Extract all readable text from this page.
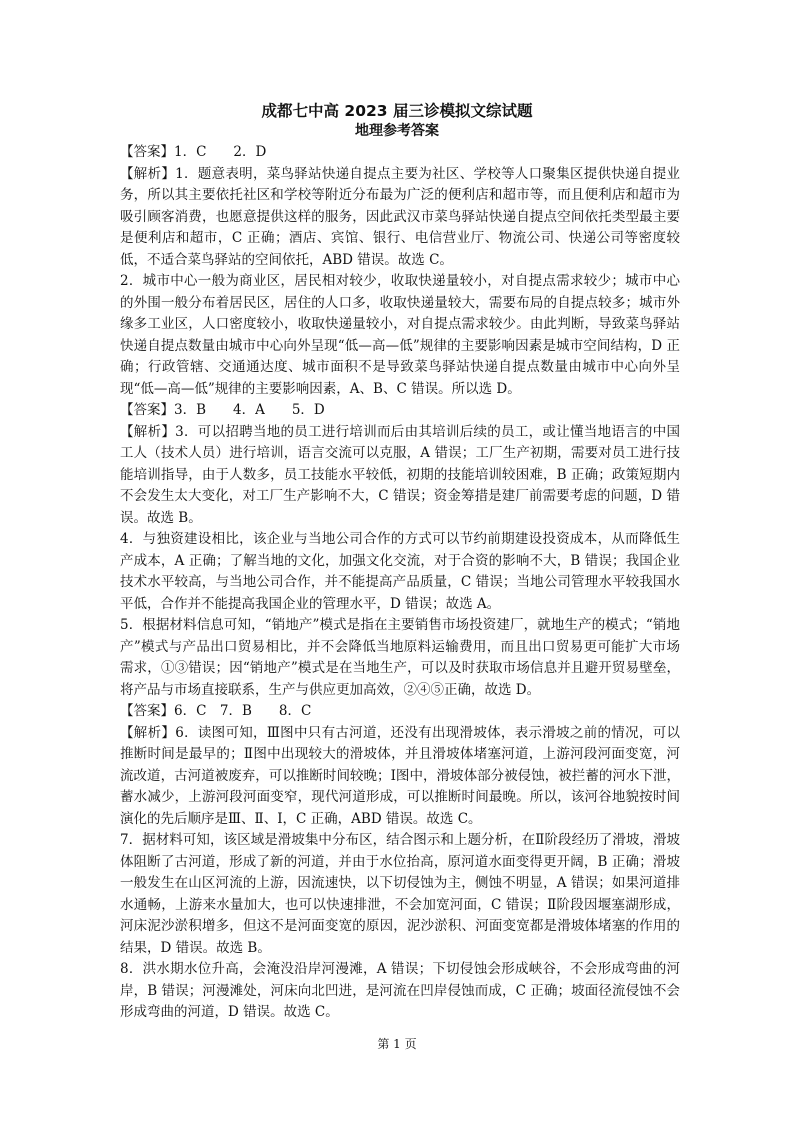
成都七中高 2023 届三诊模拟文综试题
地理参考答案

【答案】1．C　　2．D

【解析】1．题意表明，菜鸟驿站快递自提点主要为社区、学校等人口聚集区提供快递自提业务，所以其主要依托社区和学校等附近分布最为广泛的便利店和超市等，而且便利店和超市为吸引顾客消费，也愿意提供这样的服务，因此武汉市菜鸟驿站快递自提点空间依托类型最主要是便利店和超市，C 正确；酒店、宾馆、银行、电信营业厅、物流公司、快递公司等密度较低，不适合菜鸟驿站的空间依托，ABD 错误。故选 C。

2．城市中心一般为商业区，居民相对较少，收取快递量较小，对自提点需求较少；城市中心的外围一般分布着居民区，居住的人口多，收取快递量较大，需要布局的自提点较多；城市外缘多工业区，人口密度较小，收取快递量较小，对自提点需求较少。由此判断，导致菜鸟驿站快递自提点数量由城市中心向外呈现“低—高—低”规律的主要影响因素是城市空间结构，D 正确；行政管辖、交通通达度、城市面积不是导致菜鸟驿站快递自提点数量由城市中心向外呈现“低—高—低”规律的主要影响因素，A、B、C 错误。所以选 D。

【答案】3．B　　4．A　　5．D

【解析】3．可以招聘当地的员工进行培训而后由其培训后续的员工，或让懂当地语言的中国工人（技术人员）进行培训，语言交流可以克服，A 错误；工厂生产初期，需要对员工进行技能培训指导，由于人数多，员工技能水平较低，初期的技能培训较困难，B 正确；政策短期内不会发生太大变化，对工厂生产影响不大，C 错误；资金筹措是建厂前需要考虑的问题，D 错误。故选 B。

4．与独资建设相比，该企业与当地公司合作的方式可以节约前期建设投资成本，从而降低生产成本，A 正确；了解当地的文化，加强文化交流，对于合资的影响不大，B 错误；我国企业技术水平较高，与当地公司合作，并不能提高产品质量，C 错误；当地公司管理水平较我国水平低，合作并不能提高我国企业的管理水平，D 错误；故选 A。

5．根据材料信息可知，“销地产”模式是指在主要销售市场投资建厂，就地生产的模式；“销地产”模式与产品出口贸易相比，并不会降低当地原料运输费用，而且出口贸易更可能扩大市场需求，①③错误；因“销地产”模式是在当地生产，可以及时获取市场信息并且避开贸易壁垒，将产品与市场直接联系，生产与供应更加高效，②④⑤正确，故选 D。

【答案】6．C　7．B　　8．C

【解析】6．读图可知，Ⅲ图中只有古河道，还没有出现滑坡体，表示滑坡之前的情况，可以推断时间是最早的；Ⅱ图中出现较大的滑坡体，并且滑坡体堵塞河道，上游河段河面变宽，河流改道，古河道被废弃，可以推断时间较晚；Ⅰ图中，滑坡体部分被侵蚀，被拦蓄的河水下泄，蓄水减少，上游河段河面变窄，现代河道形成，可以推断时间最晚。所以，该河谷地貌按时间演化的先后顺序是Ⅲ、Ⅱ、Ⅰ，C 正确，ABD 错误。故选 C。

7．据材料可知，该区域是滑坡集中分布区，结合图示和上题分析，在Ⅱ阶段经历了滑坡，滑坡体阻断了古河道，形成了新的河道，并由于水位抬高，原河道水面变得更开阔，B 正确；滑坡一般发生在山区河流的上游，因流速快，以下切侵蚀为主，侧蚀不明显，A 错误；如果河道排水通畅，上游来水量加大，也可以快速排泄，不会加宽河面，C 错误；Ⅱ阶段因堰塞湖形成，河床泥沙淤积增多，但这不是河面变宽的原因，泥沙淤积、河面变宽都是滑坡体堵塞的作用的结果，D 错误。故选 B。

8．洪水期水位升高，会淹没沿岸河漫滩，A 错误；下切侵蚀会形成峡谷，不会形成弯曲的河岸，B 错误；河漫滩处，河床向北凹进，是河流在凹岸侵蚀而成，C 正确；坡面径流侵蚀不会形成弯曲的河道，D 错误。故选 C。

第 1 页
